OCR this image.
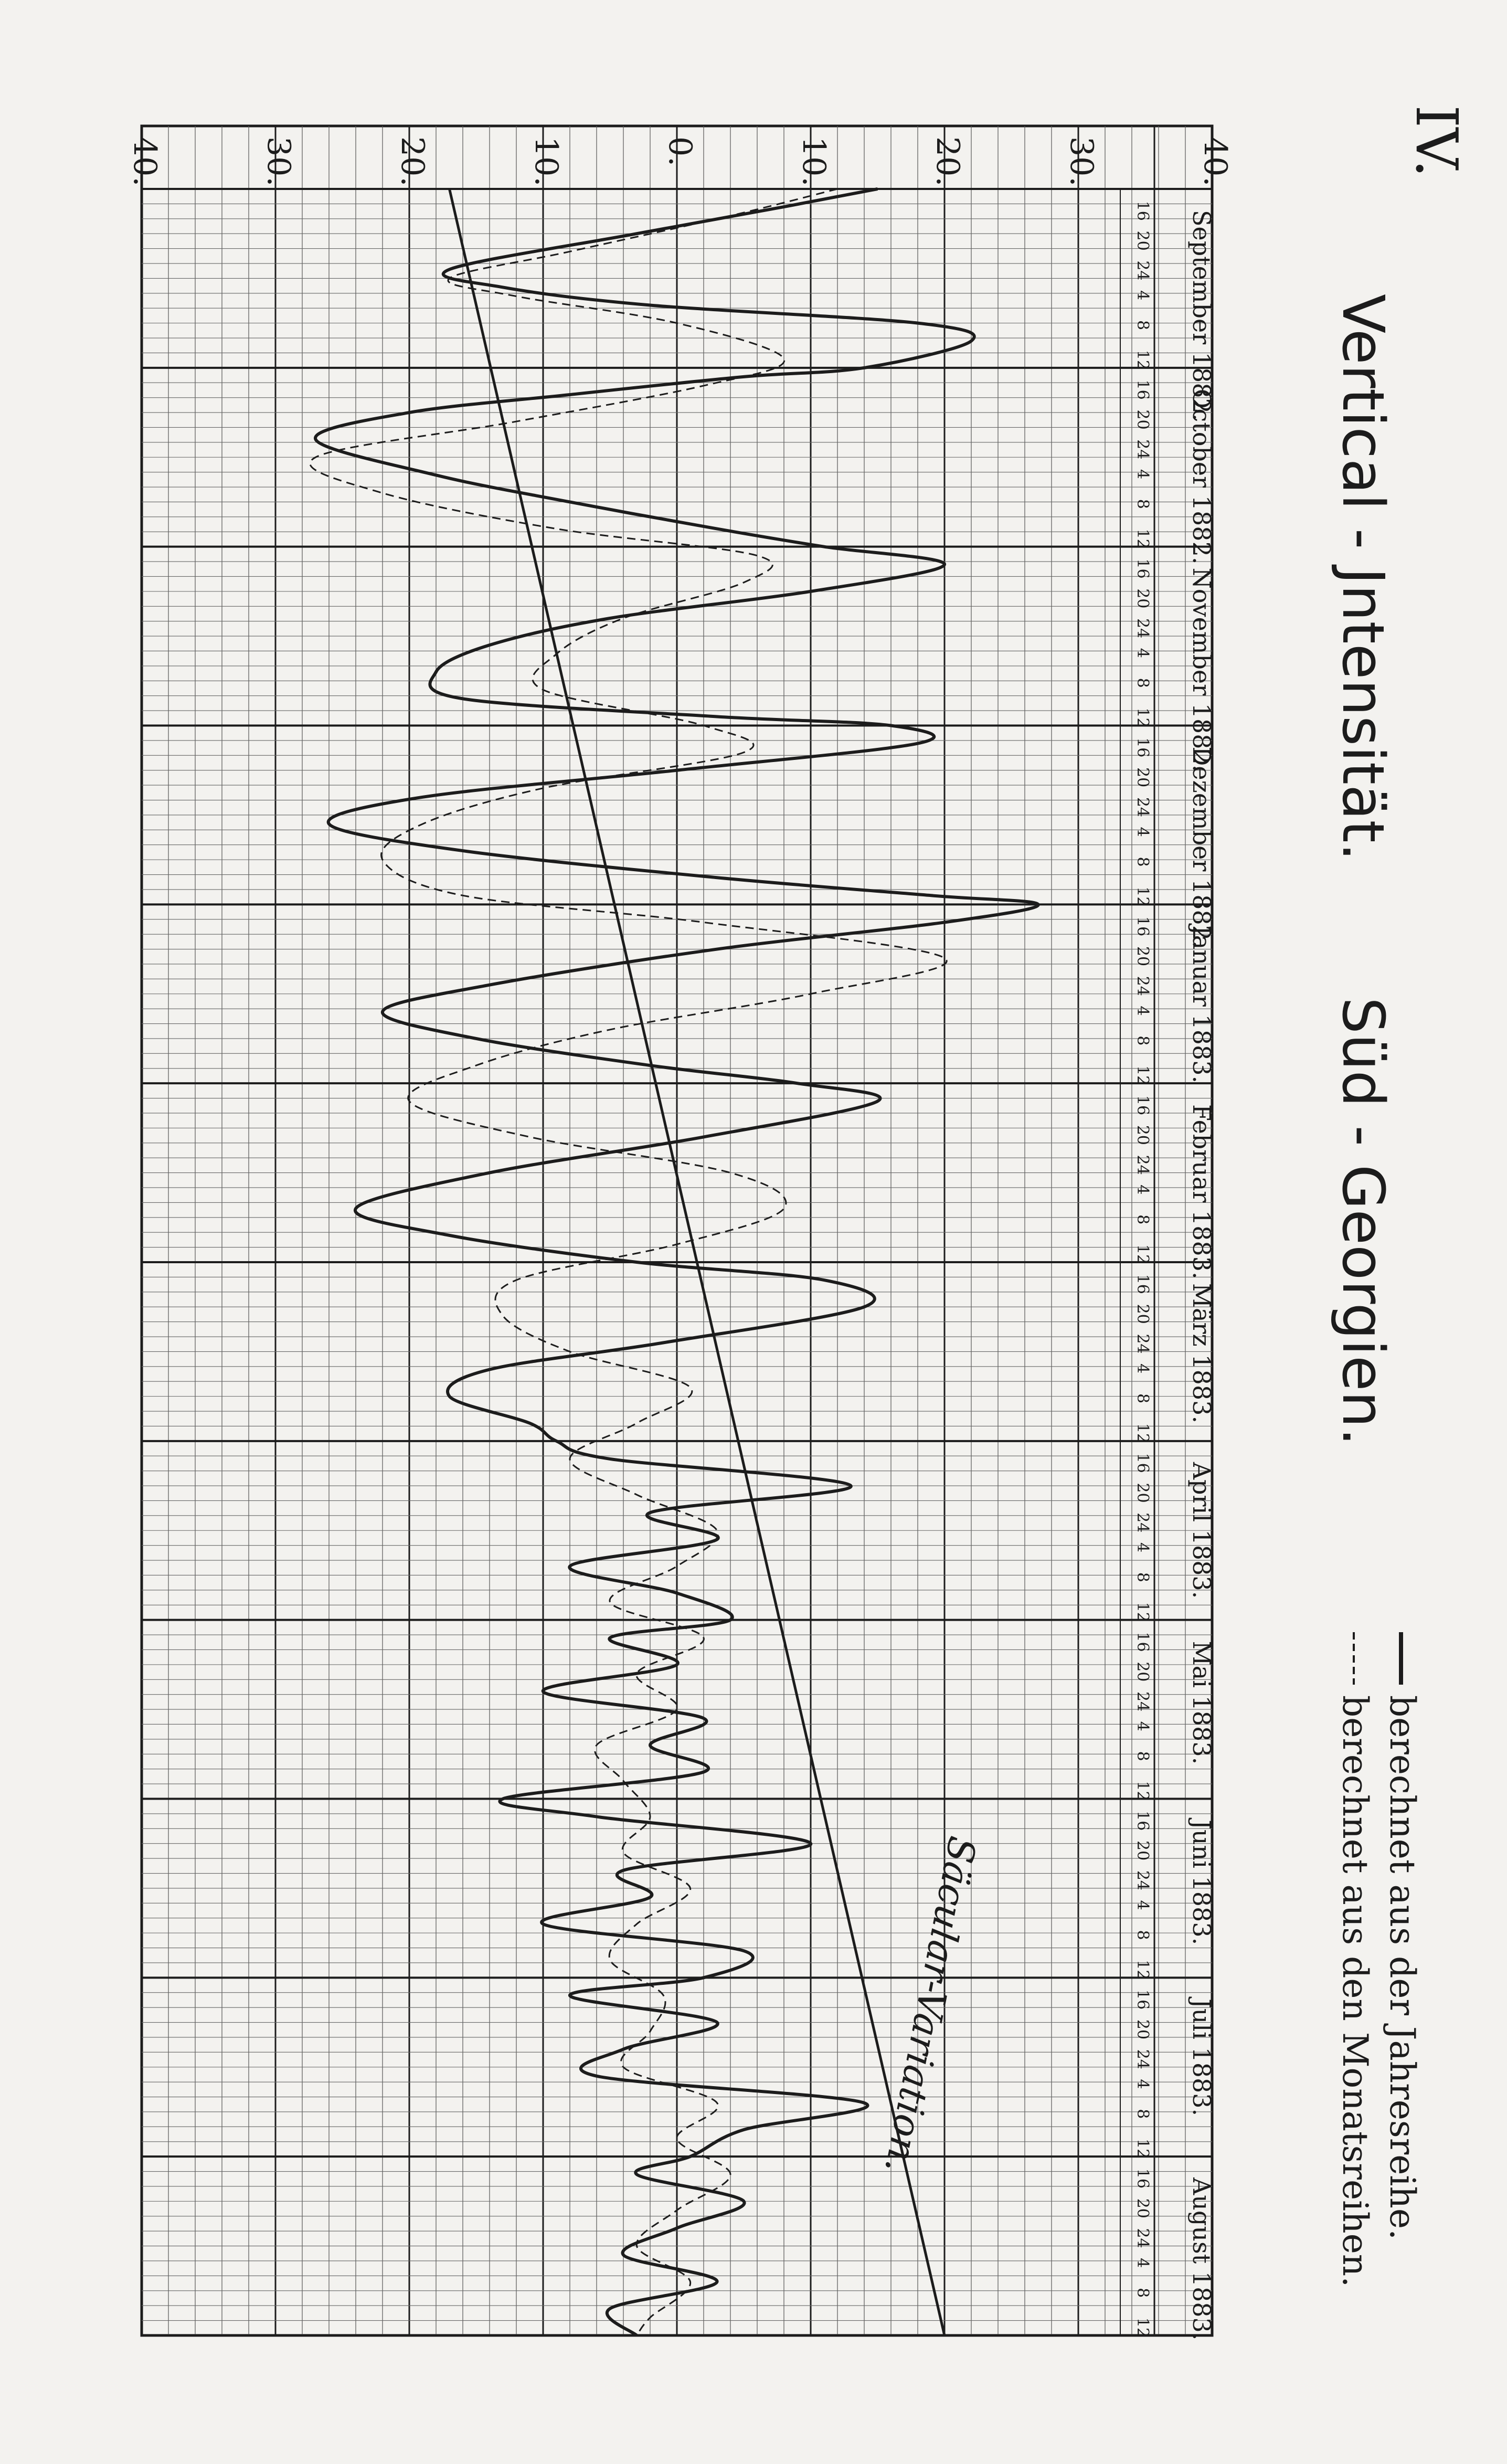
September 1882.
October 1882.
November 1882.
Dezember 1882.
Januar 1883.
Februar 1883.
März 1883.
April 1883.
Mai 1883.
Juni 1883.
Juli 1883.
August 1883.
16
20
24
4
8
12
16
20
24
4
8
12
16
20
24
4
8
12
16
20
24
4
8
12
16
20
24
4
8
12
16
20
24
4
8
12
16
20
24
4
8
12
16
20
24
4
8
12
16
20
24
4
8
12
16
20
24
4
8
12
16
20
24
4
8
12
16
20
24
4
8
12
40.	30.	20.	10.	0.	10.	20.	30.	40.
Säcular-Variation.
IV.
Vertical - Jntensität.
Süd - Georgien.
berechnet aus der Jahresreihe.
berechnet aus den Monatsreihen.
